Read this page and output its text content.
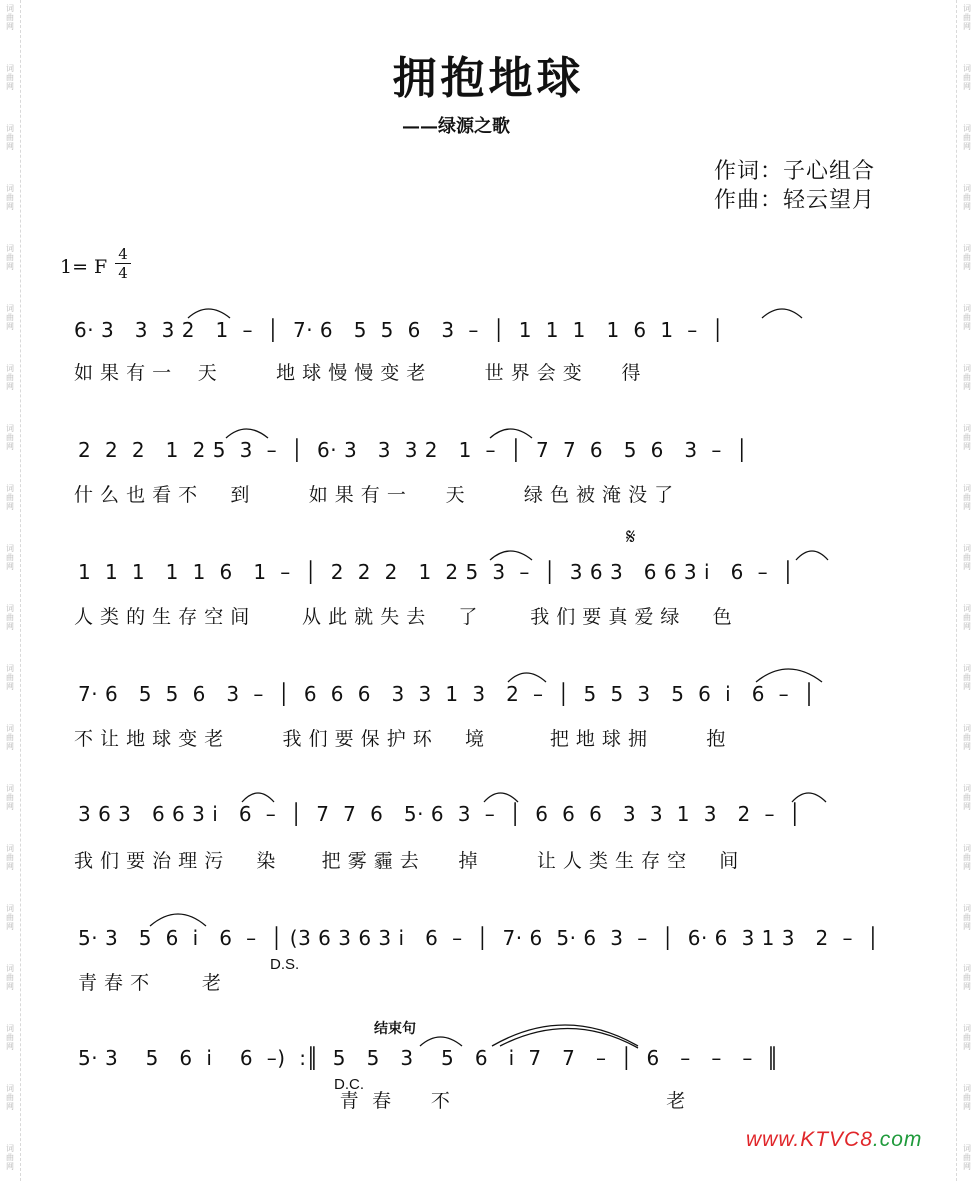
词
曲
网
词
曲
网
词
曲
网
词
曲
网
词
曲
网
词
曲
网
词
曲
网
词
曲
网
词
曲
网
词
曲
网
词
曲
网
词
曲
网
词
曲
网
词
曲
网
词
曲
网
词
曲
网
词
曲
网
词
曲
网
词
曲
网
词
曲
网
词
曲
网
词
曲
网
词
曲
网
词
曲
网
词
曲
网
词
曲
网
词
曲
网
词
曲
网
词
曲
网
词
曲
网
词
曲
网
词
曲
网
词
曲
网
词
曲
网
词
曲
网
词
曲
网
词
曲
网
词
曲
网
词
曲
网
词
曲
网
拥抱地球
——绿源之歌
作词：子心组合
作曲：轻云望月
1= F
4
4
6· 3   3  3 2   1  –  │  7· 6   5  5  6   3  –  │  1  1  1   1  6  1  –  │
如 果 有 一    天         地 球 慢 慢 变 老         世 界 会 变      得
2  2  2   1  2 5  3  –  │  6· 3   3  3 2   1  –  │  7  7  6   5  6   3  –  │
什 么 也 看 不     到         如 果 有 一      天         绿 色 被 淹 没 了
1  1  1   1  1  6   1  –  │  2  2  2   1  2 5  3  –  │  3 6 3   6 6 3 i   6  –  │
人 类 的 生 存 空 间        从 此 就 失 去     了        我 们 要 真 爱 绿     色
𝄋
7· 6   5  5  6   3  –  │  6  6  6   3  3  1  3   2  –  │  5  5  3   5  6  i   6  –  │
不 让 地 球 变 老         我 们 要 保 护 环     境          把 地 球 拥         抱
3 6 3   6 6 3 i   6  –  │  7  7  6   5· 6  3  –  │  6  6  6   3  3  1  3   2  –  │
我 们 要 治 理 污     染       把 雾 霾 去      掉         让 人 类 生 存 空     间
5· 3   5  6  i   6  –  │ (3 6 3 6 3 i   6  –  │  7· 6  5· 6  3  –  │  6· 6  3 1 3   2  –  │
青 春 不        老
D.S.
结束句
5· 3    5   6  i    6  –)  :║  5   5   3    5   6   i  7   7   –  │  6   –   –   –  ║
青  春      不                                 老
D.C.
www.KTVC8.com
